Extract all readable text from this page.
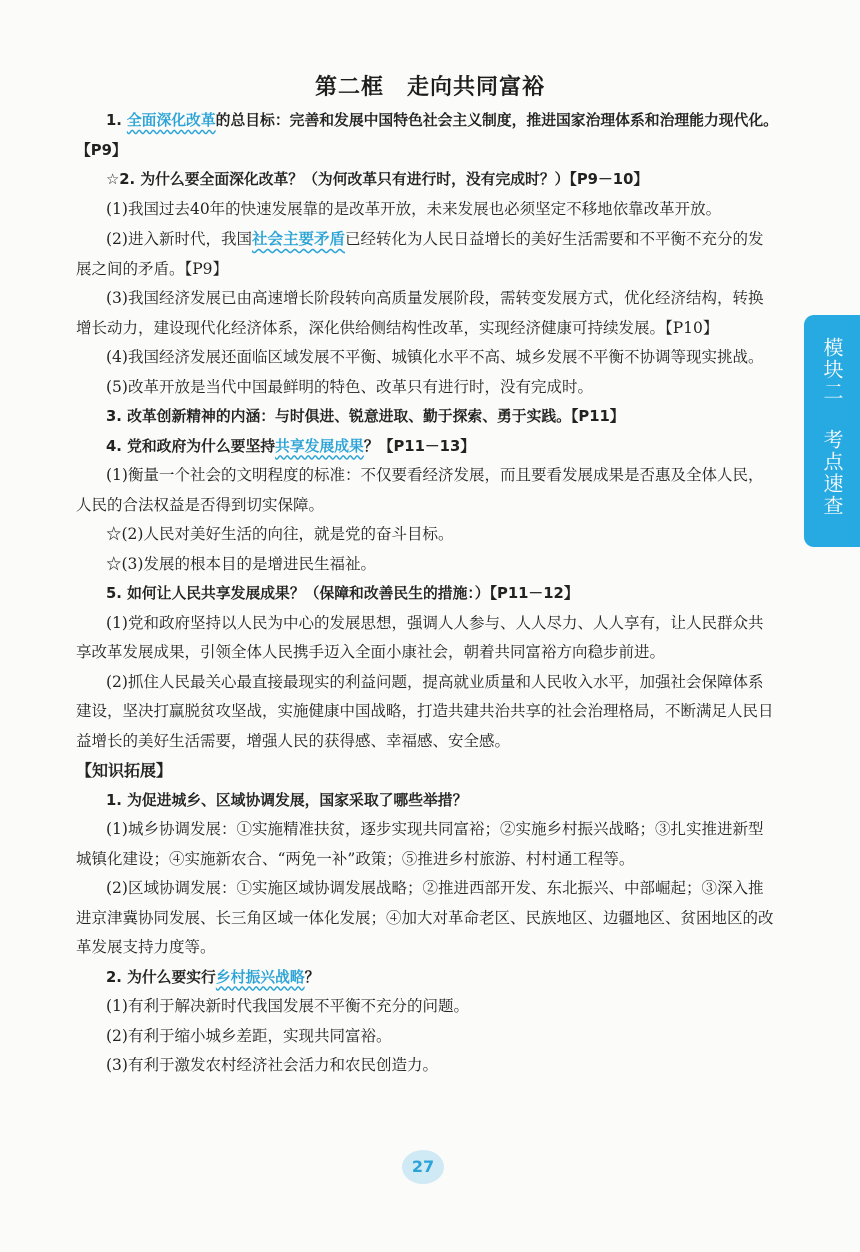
第二框　走向共同富裕

1. 全面深化改革的总目标：完善和发展中国特色社会主义制度，推进国家治理体系和治理能力现代化。【P9】

☆2. 为什么要全面深化改革？（为何改革只有进行时，没有完成时？）【P9－10】

(1)我国过去40年的快速发展靠的是改革开放，未来发展也必须坚定不移地依靠改革开放。

(2)进入新时代，我国社会主要矛盾已经转化为人民日益增长的美好生活需要和不平衡不充分的发展之间的矛盾。【P9】

(3)我国经济发展已由高速增长阶段转向高质量发展阶段，需转变发展方式，优化经济结构，转换增长动力，建设现代化经济体系，深化供给侧结构性改革，实现经济健康可持续发展。【P10】

(4)我国经济发展还面临区域发展不平衡、城镇化水平不高、城乡发展不平衡不协调等现实挑战。

(5)改革开放是当代中国最鲜明的特色、改革只有进行时，没有完成时。

3. 改革创新精神的内涵：与时俱进、锐意进取、勤于探索、勇于实践。【P11】

4. 党和政府为什么要坚持共享发展成果？【P11－13】

(1)衡量一个社会的文明程度的标准：不仅要看经济发展，而且要看发展成果是否惠及全体人民，人民的合法权益是否得到切实保障。

☆(2)人民对美好生活的向往，就是党的奋斗目标。

☆(3)发展的根本目的是增进民生福祉。

5. 如何让人民共享发展成果？（保障和改善民生的措施：）【P11－12】

(1)党和政府坚持以人民为中心的发展思想，强调人人参与、人人尽力、人人享有，让人民群众共享改革发展成果，引领全体人民携手迈入全面小康社会，朝着共同富裕方向稳步前进。

(2)抓住人民最关心最直接最现实的利益问题，提高就业质量和人民收入水平，加强社会保障体系建设，坚决打赢脱贫攻坚战，实施健康中国战略，打造共建共治共享的社会治理格局，不断满足人民日益增长的美好生活需要，增强人民的获得感、幸福感、安全感。

【知识拓展】

1. 为促进城乡、区域协调发展，国家采取了哪些举措？

(1)城乡协调发展：①实施精准扶贫，逐步实现共同富裕；②实施乡村振兴战略；③扎实推进新型城镇化建设；④实施新农合、“两免一补”政策；⑤推进乡村旅游、村村通工程等。

(2)区域协调发展：①实施区域协调发展战略；②推进西部开发、东北振兴、中部崛起；③深入推进京津冀协同发展、长三角区域一体化发展；④加大对革命老区、民族地区、边疆地区、贫困地区的改革发展支持力度等。

2. 为什么要实行乡村振兴战略？

(1)有利于解决新时代我国发展不平衡不充分的问题。

(2)有利于缩小城乡差距，实现共同富裕。

(3)有利于激发农村经济社会活力和农民创造力。

模块二
考点速查
27
